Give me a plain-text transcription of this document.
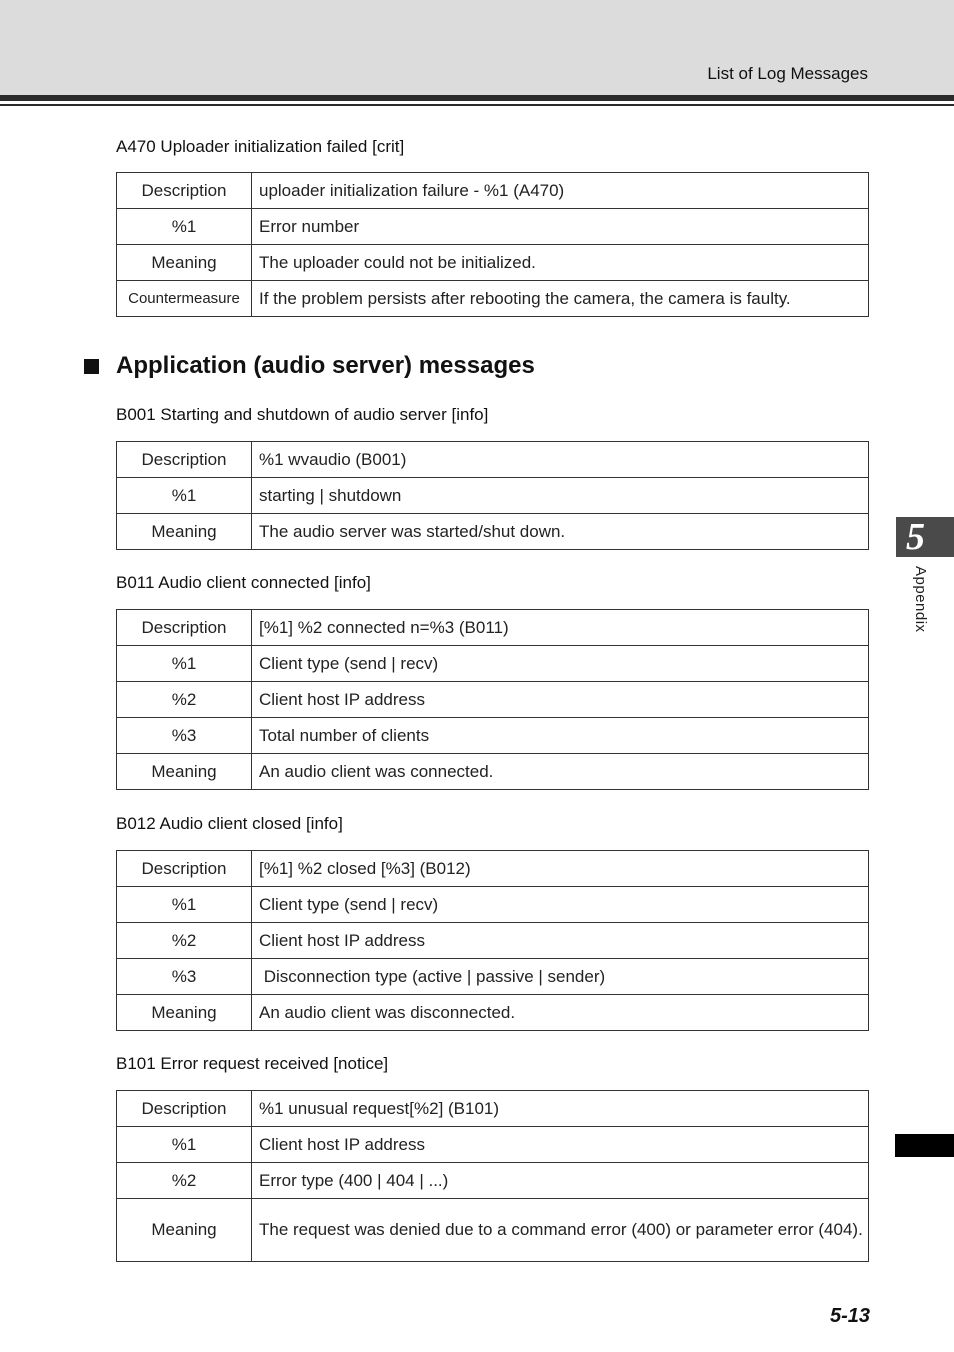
List of Log Messages
A470 Uploader initialization failed [crit]
Description	uploader initialization failure - %1 (A470)
%1	Error number
Meaning	The uploader could not be initialized.
Countermeasure	If the problem persists after rebooting the camera, the camera is faulty.
Application (audio server) messages
B001 Starting and shutdown of audio server [info]
Description	%1 wvaudio (B001)
%1	starting | shutdown
Meaning	The audio server was started/shut down.
B011 Audio client connected [info]
Description	[%1] %2 connected n=%3 (B011)
%1	Client type (send | recv)
%2	Client host IP address
%3	Total number of clients
Meaning	An audio client was connected.
B012 Audio client closed [info]
Description	[%1] %2 closed [%3] (B012)
%1	Client type (send | recv)
%2	Client host IP address
%3	Disconnection type (active | passive | sender)
Meaning	An audio client was disconnected.
B101 Error request received [notice]
Description	%1 unusual request[%2] (B101)
%1	Client host IP address
%2	Error type (400 | 404 | ...)
Meaning	The request was denied due to a command error (400) or parameter error (404).
5
Appendix
5-13
